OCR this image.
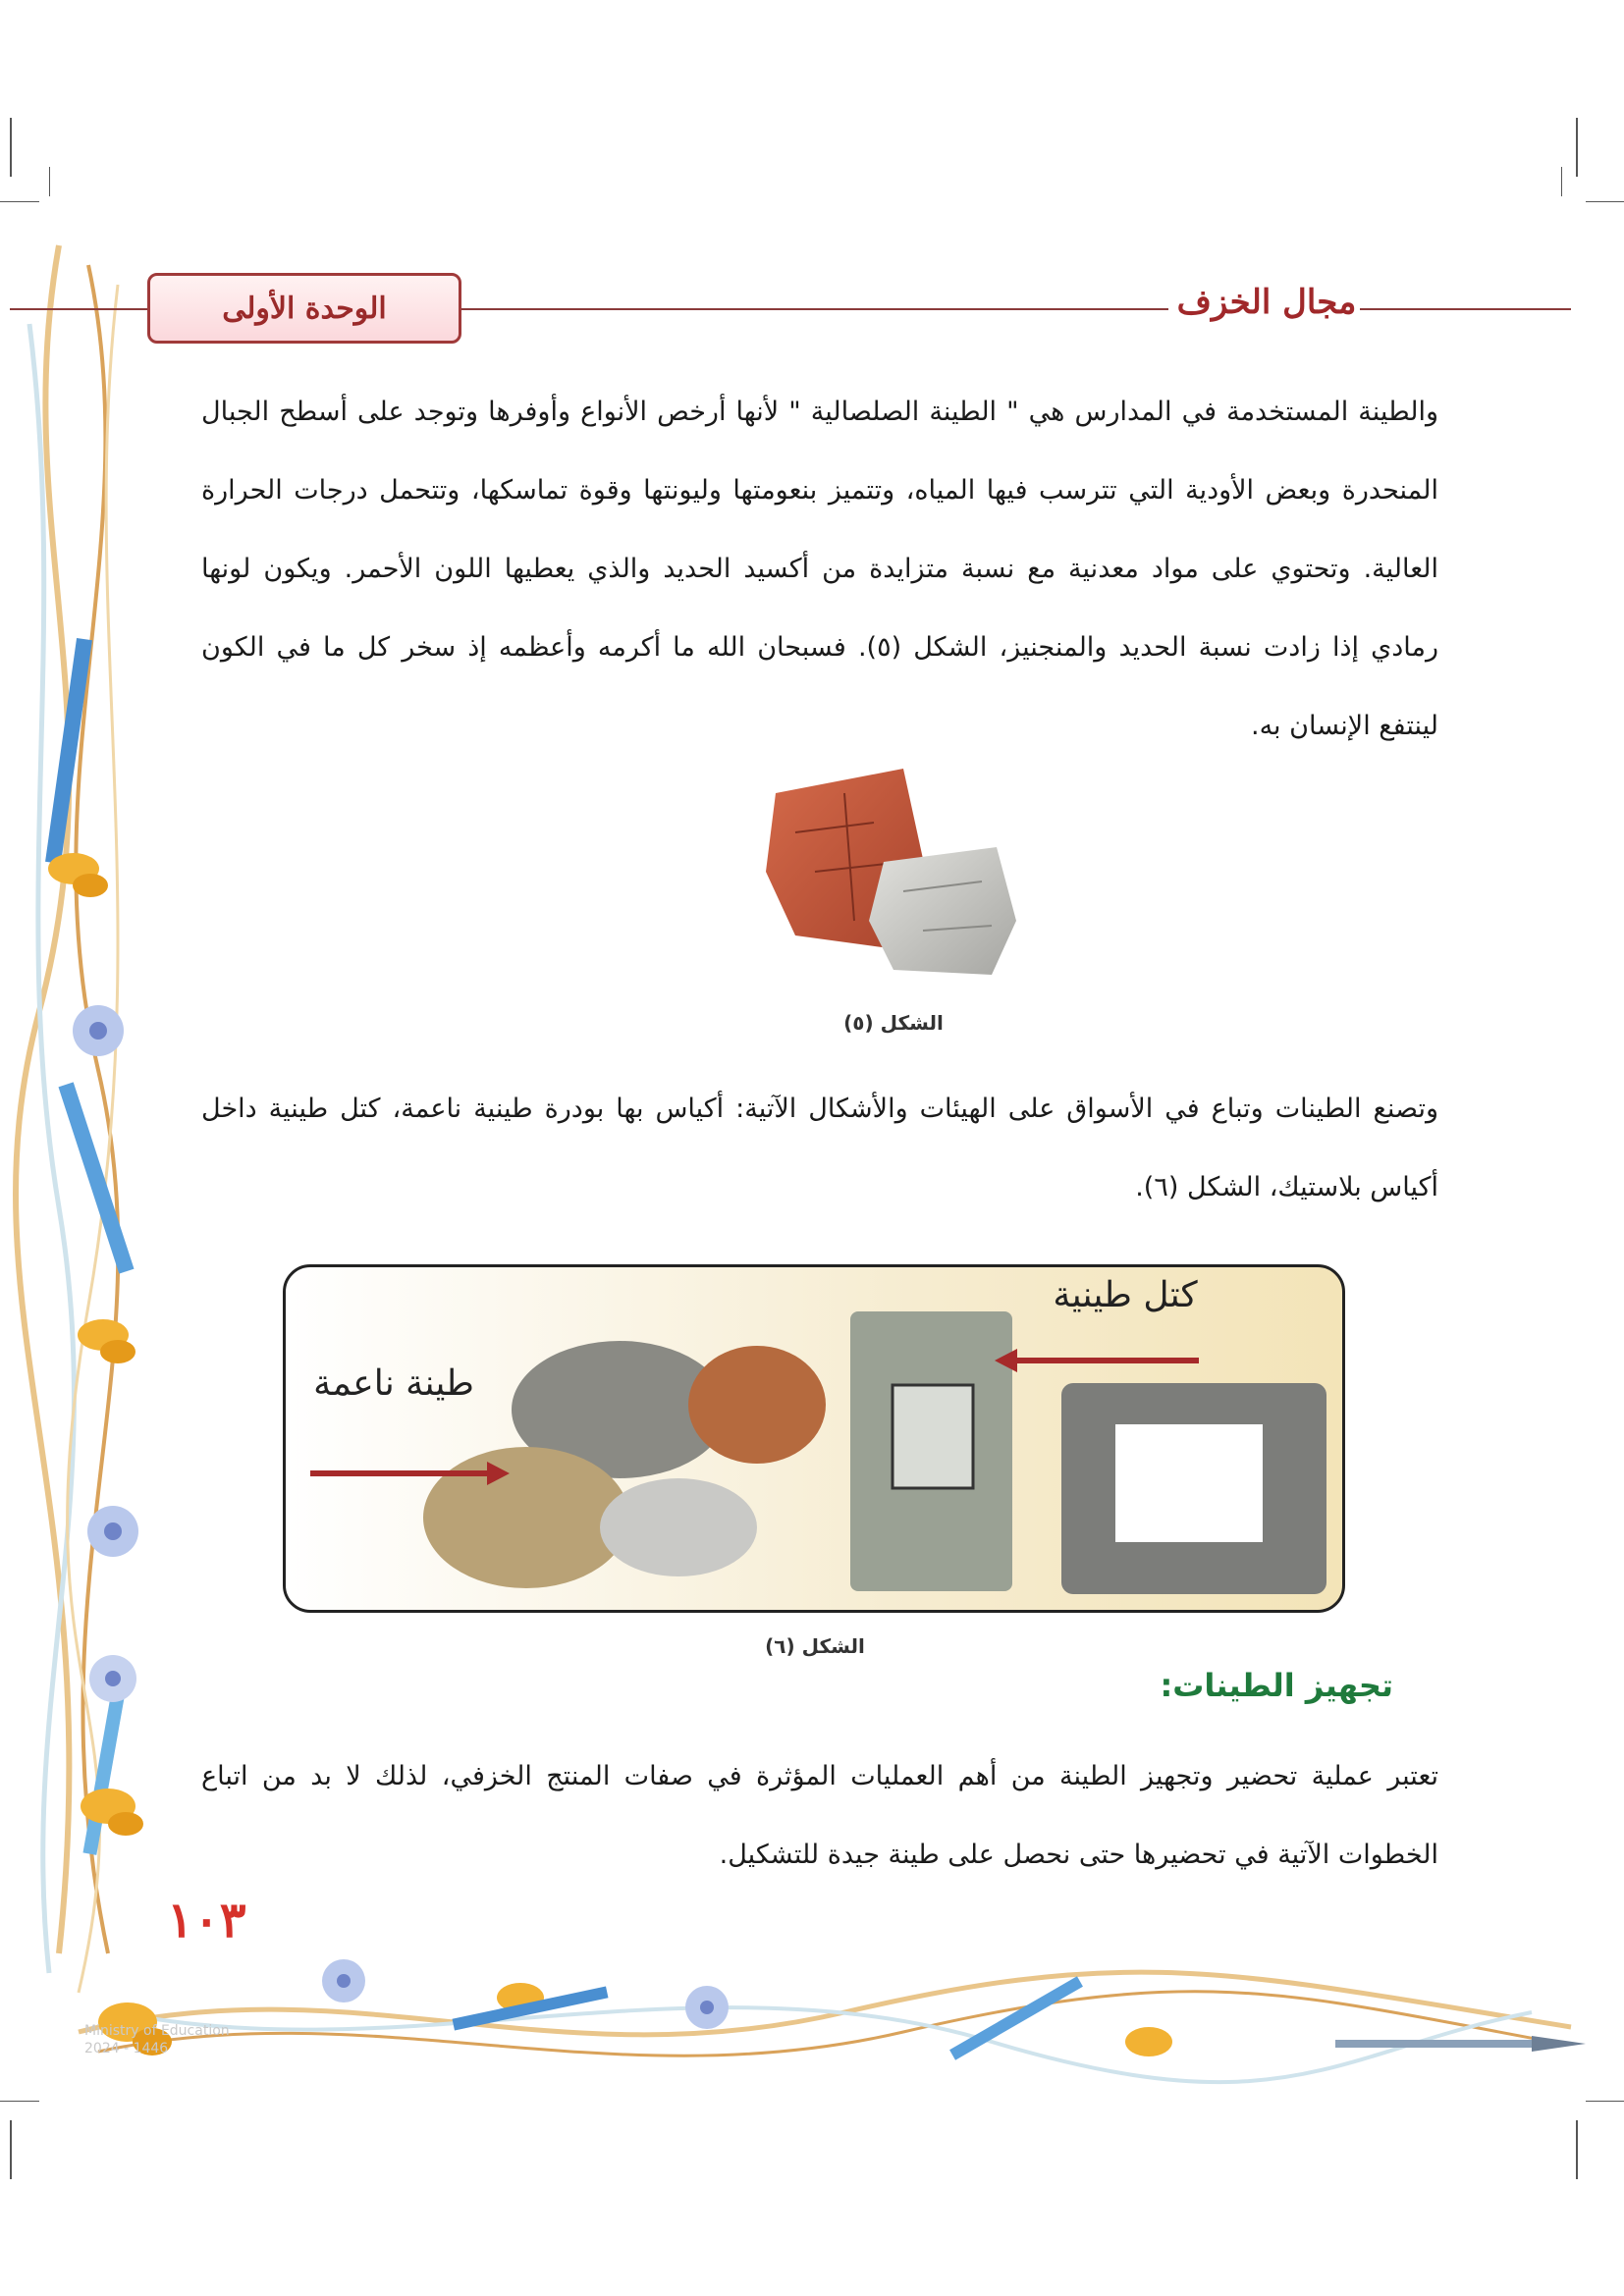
الوحدة الأولى	مجال الخزف

والطينة المستخدمة في المدارس هي " الطينة الصلصالية " لأنها أرخص الأنواع وأوفرها وتوجد على أسطح الجبال المنحدرة وبعض الأودية التي تترسب فيها المياه، وتتميز بنعومتها وليونتها وقوة تماسكها، وتتحمل درجات الحرارة العالية. وتحتوي على مواد معدنية مع نسبة متزايدة من أكسيد الحديد والذي يعطيها اللون الأحمر. ويكون لونها رمادي إذا زادت نسبة الحديد والمنجنيز، الشكل (٥). فسبحان الله ما أكرمه وأعظمه إذ سخر كل ما في الكون لينتفع الإنسان به.

الشكل (٥)

وتصنع الطينات وتباع في الأسواق على الهيئات والأشكال الآتية: أكياس بها بودرة طينية ناعمة، كتل طينية داخل أكياس بلاستيك، الشكل (٦).

كتل طينية
طينة ناعمة
الشكل (٦)
تجهيز الطينات:

تعتبر عملية تحضير وتجهيز الطينة من أهم العمليات المؤثرة في صفات المنتج الخزفي، لذلك لا بد من اتباع الخطوات الآتية في تحضيرها حتى نحصل على طينة جيدة للتشكيل.

١٠٣
Ministry of Education
2024 - 1446
